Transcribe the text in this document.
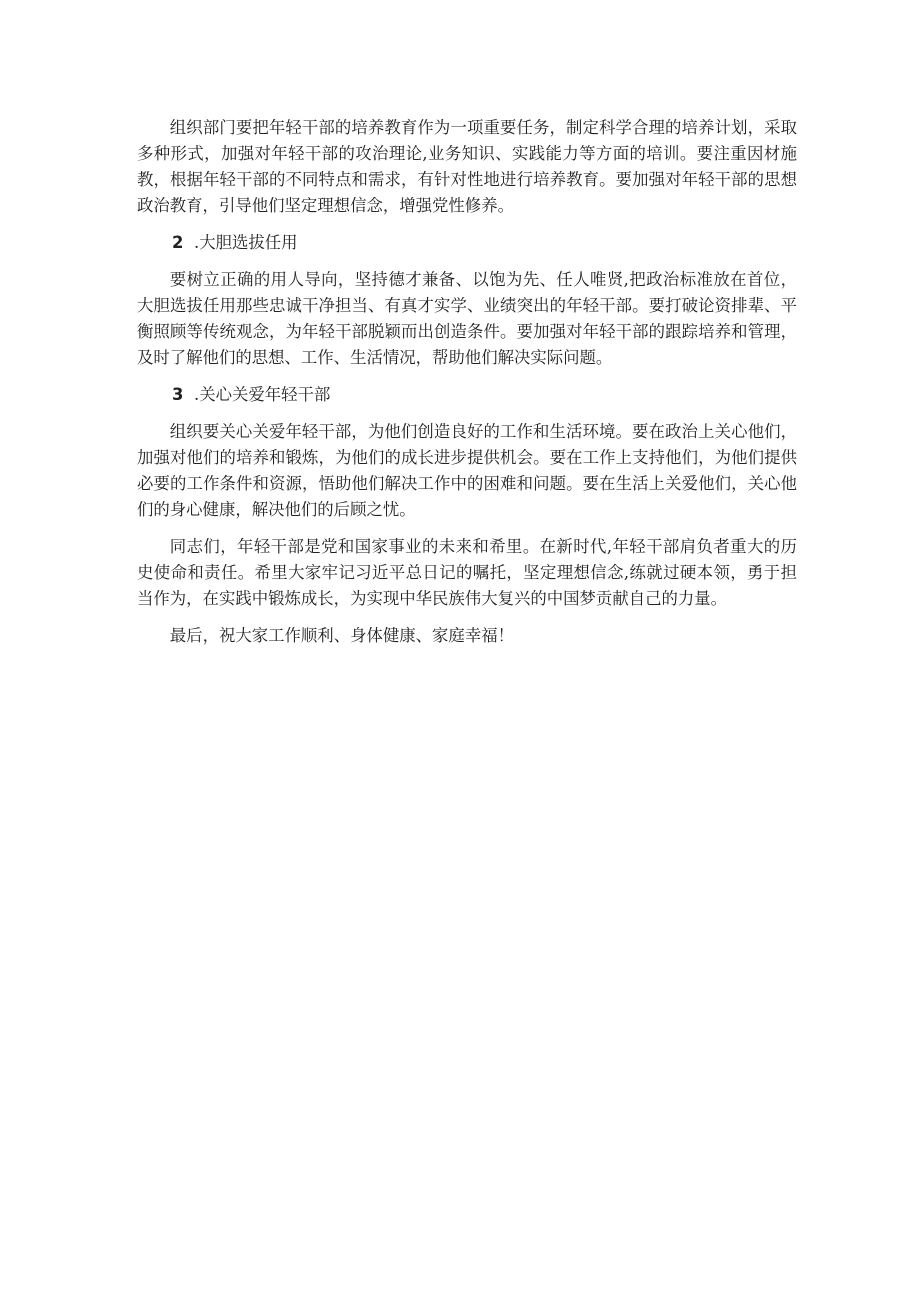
组织部门要把年轻干部的培养教育作为一项重要任务，制定科学合理的培养计划，采取多种形式，加强对年轻干部的攻治理论,业务知识、实践能力等方面的培训。要注重因材施教，根据年轻干部的不同特点和需求，有针对性地进行培养教育。要加强对年轻干部的思想政治教育，引导他们坚定理想信念，增强党性修养。

2 .大胆选拔任用

要树立正确的用人导向，坚持德才兼备、以饱为先、任人唯贤,把政治标准放在首位，大胆选拔任用那些忠诚干净担当、有真才实学、业绩突出的年轻干部。要打破论资排辈、平衡照顾等传统观念，为年轻干部脱颖而出创造条件。要加强对年轻干部的跟踪培养和管理，及时了解他们的思想、工作、生活情况，帮助他们解决实际问题。

3 .关心关爱年轻干部

组织要关心关爱年轻干部，为他们创造良好的工作和生活环境。要在政治上关心他们，加强对他们的培养和锻炼，为他们的成长进步提供机会。要在工作上支持他们，为他们提供必要的工作条件和资源，悟助他们解决工作中的困难和问题。要在生活上关爱他们，关心他们的身心健康，解决他们的后顾之忧。

同志们，年轻干部是党和国家事业的未来和希里。在新时代,年轻干部肩负者重大的历史使命和责任。希里大家牢记习近平总日记的嘱托，坚定理想信念,练就过硬本领，勇于担当作为，在实践中锻炼成长，为实现中华民族伟大复兴的中国梦贡献自己的力量。

最后，祝大家工作顺利、身体健康、家庭幸福！
